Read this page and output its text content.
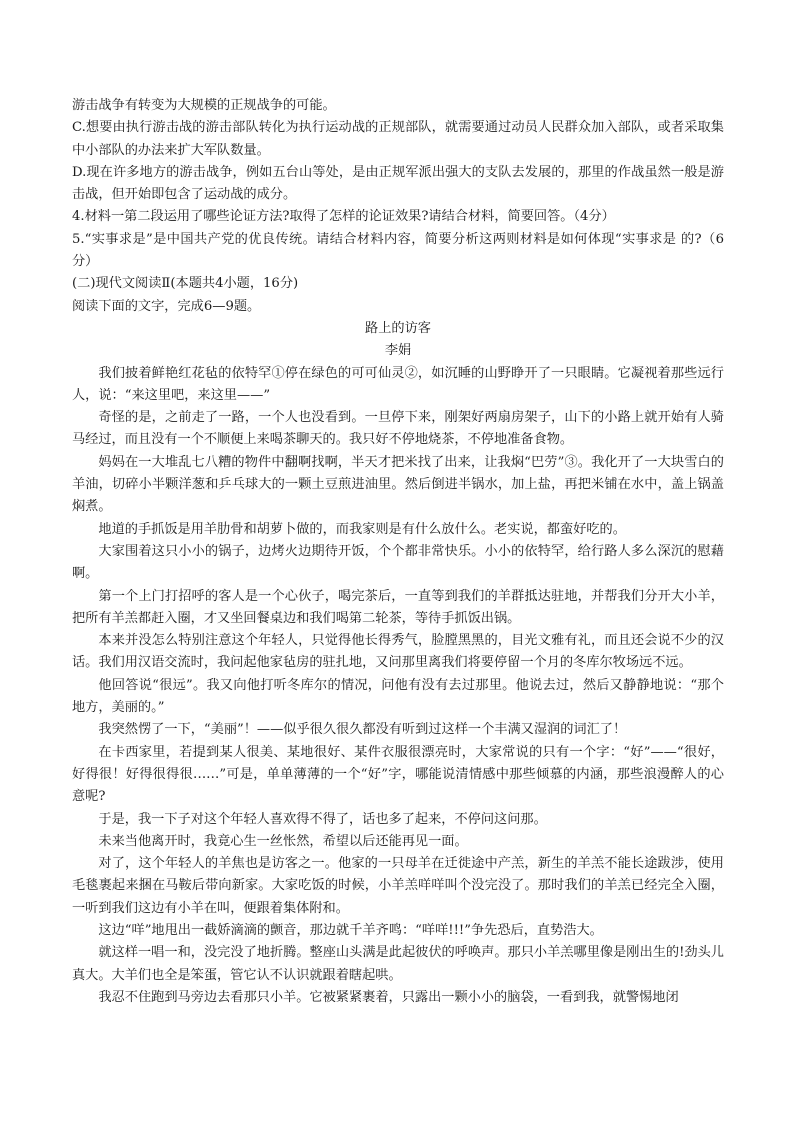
游击战争有转变为大规模的正规战争的可能。

C.想要由执行游击战的游击部队转化为执行运动战的正规部队，就需要通过动员人民群众加入部队，或者采取集中小部队的办法来扩大军队数量。

D.现在许多地方的游击战争，例如五台山等处，是由正规军派出强大的支队去发展的，那里的作战虽然一般是游击战，但开始即包含了运动战的成分。

4.材料一第二段运用了哪些论证方法?取得了怎样的论证效果?请结合材料，简要回答。（4分）

5.“实事求是”是中国共产党的优良传统。请结合材料内容，简要分析这两则材料是如何体现“实事求是 的?（6分）

(二)现代文阅读Ⅱ(本题共4小题，16分)

阅读下面的文字，完成6—9题。

路上的访客

李娟

我们披着鲜艳红花毡的依特罕①停在绿色的可可仙灵②，如沉睡的山野睁开了一只眼睛。它凝视着那些远行人，说：“来这里吧，来这里——”

奇怪的是，之前走了一路，一个人也没看到。一旦停下来，刚架好两扇房架子，山下的小路上就开始有人骑马经过，而且没有一个不顺便上来喝茶聊天的。我只好不停地烧茶，不停地准备食物。

妈妈在一大堆乱七八糟的物件中翻啊找啊，半天才把米找了出来，让我焖“巴劳”③。我化开了一大块雪白的羊油，切碎小半颗洋葱和乒乓球大的一颗土豆煎进油里。然后倒进半锅水，加上盐，再把米铺在水中，盖上锅盖焖煮。

地道的手抓饭是用羊肋骨和胡萝卜做的，而我家则是有什么放什么。老实说，都蛮好吃的。

大家围着这只小小的锅子，边烤火边期待开饭，个个都非常快乐。小小的依特罕，给行路人多么深沉的慰藉啊。

第一个上门打招呼的客人是一个心伙子，喝完茶后，一直等到我们的羊群抵达驻地，并帮我们分开大小羊，把所有羊羔都赶入圈，才又坐回餐桌边和我们喝第二轮茶，等待手抓饭出锅。

本来并没怎么特别注意这个年轻人，只觉得他长得秀气，脸膛黑黑的，目光文雅有礼，而且还会说不少的汉话。我们用汉语交流时，我问起他家毡房的驻扎地，又问那里离我们将要停留一个月的冬库尔牧场远不远。

他回答说“很远”。我又向他打听冬库尔的情况，问他有没有去过那里。他说去过，然后又静静地说：“那个地方，美丽的。”

我突然愣了一下，“美丽”！——似乎很久很久都没有听到过这样一个丰满又湿润的词汇了！

在卡西家里，若提到某人很美、某地很好、某件衣服很漂亮时，大家常说的只有一个字：“好”——“很好，好得很！好得很得很……”可是，单单薄薄的一个“好”字，哪能说清情感中那些倾慕的内涵，那些浪漫醉人的心意呢?

于是，我一下子对这个年轻人喜欢得不得了，话也多了起来，不停问这问那。

未来当他离开时，我竟心生一丝怅然，希望以后还能再见一面。

对了，这个年轻人的羊焦也是访客之一。他家的一只母羊在迁徙途中产羔，新生的羊羔不能长途跋涉，使用毛毯裹起来捆在马鞍后带向新家。大家吃饭的时候，小羊羔咩咩叫个没完没了。那时我们的羊羔已经完全入圈，一听到我们这边有小羊在叫，便跟着集体附和。

这边“咩”地甩出一截娇滴滴的颤音，那边就千羊齐鸣：“咩咩!!!”争先恐后，直势浩大。

就这样一唱一和，没完没了地折腾。整座山头满是此起彼伏的呼唤声。那只小羊羔哪里像是刚出生的!劲头儿真大。大羊们也全是笨蛋，管它认不认识就跟着瞎起哄。

我忍不住跑到马旁边去看那只小羊。它被紧紧裹着，只露出一颗小小的脑袋，一看到我，就警惕地闭
